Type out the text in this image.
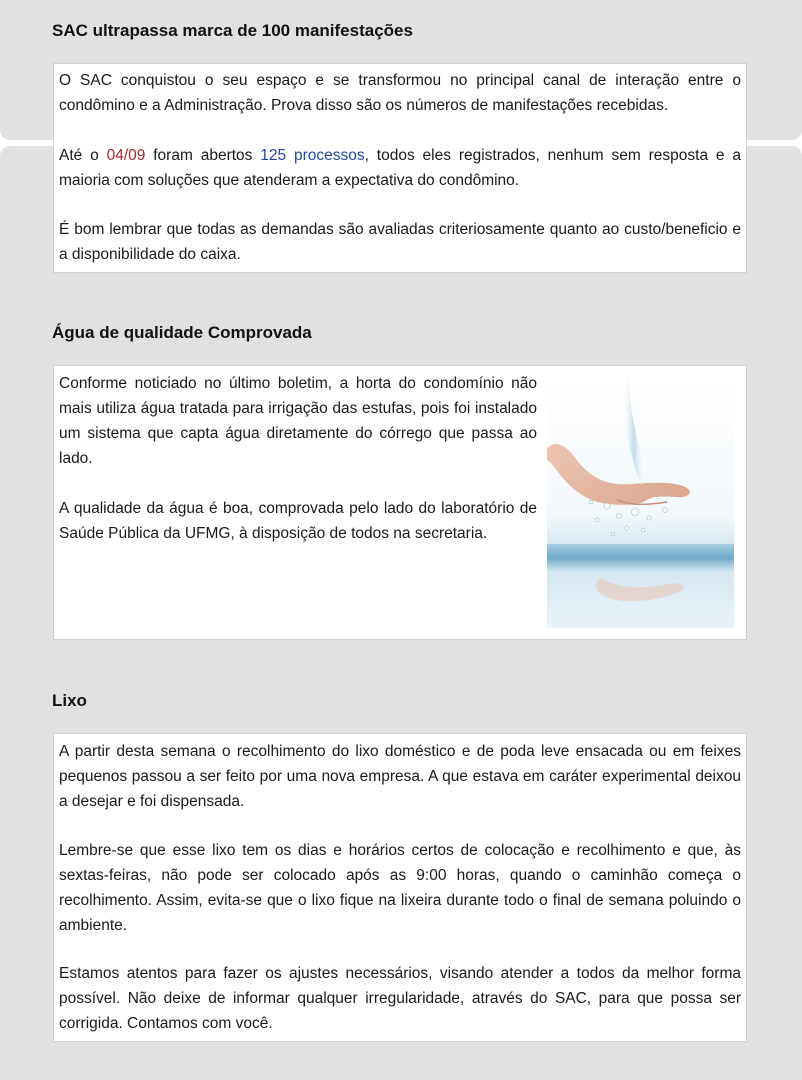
SAC ultrapassa marca de 100 manifestações

O SAC conquistou o seu espaço e se transformou no principal canal de interação entre o condômino e a Administração. Prova disso são os números de manifestações recebidas.

Até o 04/09 foram abertos 125 processos, todos eles registrados, nenhum sem resposta e a maioria com soluções que atenderam a expectativa do condômino.

É bom lembrar que todas as demandas são avaliadas criteriosamente quanto ao custo/beneficio e a disponibilidade do caixa.

Água de qualidade Comprovada

Conforme noticiado no último boletim, a horta do condomínio não mais utiliza água tratada para irrigação das estufas, pois foi instalado um sistema que capta água diretamente do córrego que passa ao lado.

A qualidade da água é boa, comprovada pelo lado do laboratório de Saúde Pública da UFMG, à disposição de todos na secretaria.

Lixo

A partir desta semana o recolhimento do lixo doméstico e de poda leve ensacada ou em feixes pequenos passou a ser feito por uma nova empresa. A que estava em caráter experimental deixou a desejar e foi dispensada.

Lembre-se que esse lixo tem os dias e horários certos de colocação e recolhimento e que, às sextas-feiras, não pode ser colocado após as 9:00 horas, quando o caminhão começa o recolhimento. Assim, evita-se que o lixo fique na lixeira durante todo o final de semana poluindo o ambiente.

Estamos atentos para fazer os ajustes necessários, visando atender a todos da melhor forma possível. Não deixe de informar qualquer irregularidade, através do SAC, para que possa ser corrigida. Contamos com você.
